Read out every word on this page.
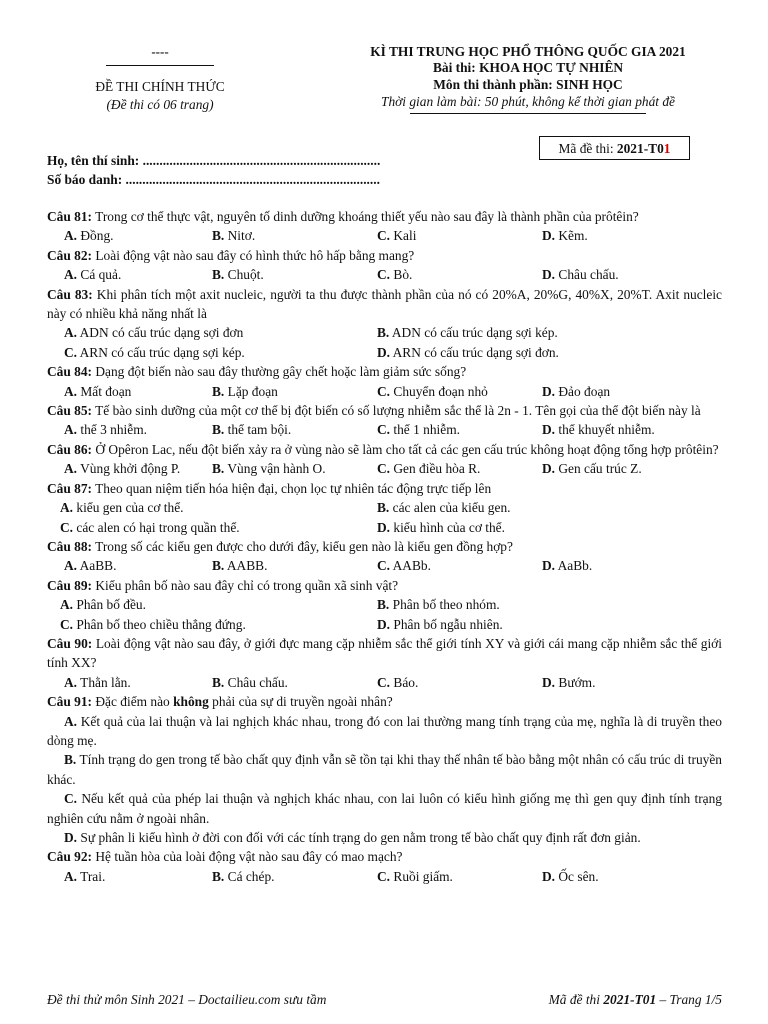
----
ĐỀ THI CHÍNH THỨC
(Đề thi có 06 trang)
KÌ THI TRUNG HỌC PHỔ THÔNG QUỐC GIA 2021
Bài thi: KHOA HỌC TỰ NHIÊN
Môn thi thành phần: SINH HỌC
Thời gian làm bài: 50 phút, không kể thời gian phát đề
Mã đề thi: 2021-T01
Họ, tên thí sinh: .......................................................................
Số báo danh: ............................................................................
Câu 81: Trong cơ thể thực vật, nguyên tố dinh dưỡng khoáng thiết yếu nào sau đây là thành phần của prôtêin?
A. Đồng.	B. Nitơ.	C. Kali	D. Kẽm.
Câu 82: Loài động vật nào sau đây có hình thức hô hấp bằng mang?
A. Cá quả.	B. Chuột.	C. Bò.	D. Châu chấu.
Câu 83: Khi phân tích một axit nucleic, người ta thu được thành phần của nó có 20%A, 20%G, 40%X, 20%T. Axit nucleic này có nhiều khả năng nhất là
A. ADN có cấu trúc dạng sợi đơn	B. ADN có cấu trúc dạng sợi kép.
C. ARN có cấu trúc dạng sợi kép.	D. ARN có cấu trúc dạng sợi đơn.
Câu 84: Dạng đột biến nào sau đây thường gây chết hoặc làm giảm sức sống?
A. Mất đoạn	B. Lặp đoạn	C. Chuyển đoạn nhỏ	D. Đảo đoạn
Câu 85: Tế bào sinh dưỡng của một cơ thể bị đột biến có số lượng nhiễm sắc thể là 2n - 1. Tên gọi của thể đột biến này là
A. thể 3 nhiễm.	B. thể tam bội.	C. thể 1 nhiễm.	D. thể khuyết nhiễm.
Câu 86: Ở Opêron Lac, nếu đột biến xảy ra ở vùng nào sẽ làm cho tất cả các gen cấu trúc không hoạt động tổng hợp prôtêin?
A. Vùng khởi động P.	B. Vùng vận hành O.	C. Gen điều hòa R.	D. Gen cấu trúc Z.
Câu 87: Theo quan niệm tiến hóa hiện đại, chọn lọc tự nhiên tác động trực tiếp lên
A. kiểu gen của cơ thể.	B. các alen của kiểu gen.
C. các alen có hại trong quần thể.	D. kiểu hình của cơ thể.
Câu 88: Trong số các kiểu gen được cho dưới đây, kiểu gen nào là kiểu gen đồng hợp?
A. AaBB.	B. AABB.	C. AABb.	D. AaBb.
Câu 89: Kiểu phân bố nào sau đây chỉ có trong quần xã sinh vật?
A. Phân bố đều.	B. Phân bố theo nhóm.
C. Phân bố theo chiều thẳng đứng.	D. Phân bố ngẫu nhiên.
Câu 90: Loài động vật nào sau đây, ở giới đực mang cặp nhiễm sắc thể giới tính XY và giới cái mang cặp nhiễm sắc thể giới tính XX?
A. Thằn lằn.	B. Châu chấu.	C. Báo.	D. Bướm.
Câu 91: Đặc điểm nào không phải của sự di truyền ngoài nhân?
A. Kết quả của lai thuận và lai nghịch khác nhau, trong đó con lai thường mang tính trạng của mẹ, nghĩa là di truyền theo dòng mẹ.
B. Tính trạng do gen trong tế bào chất quy định vẫn sẽ tồn tại khi thay thế nhân tế bào bằng một nhân có cấu trúc di truyền khác.
C. Nếu kết quả của phép lai thuận và nghịch khác nhau, con lai luôn có kiểu hình giống mẹ thì gen quy định tính trạng nghiên cứu nằm ở ngoài nhân.
D. Sự phân li kiểu hình ở đời con đối với các tính trạng do gen nằm trong tế bào chất quy định rất đơn giản.
Câu 92: Hệ tuần hòa của loài động vật nào sau đây có mao mạch?
A. Trai.	B. Cá chép.	C. Ruồi giấm.	D. Ốc sên.
Đề thi thử môn Sinh 2021 – Doctailieu.com sưu tầm	Mã đề thi 2021-T01 – Trang 1/5
